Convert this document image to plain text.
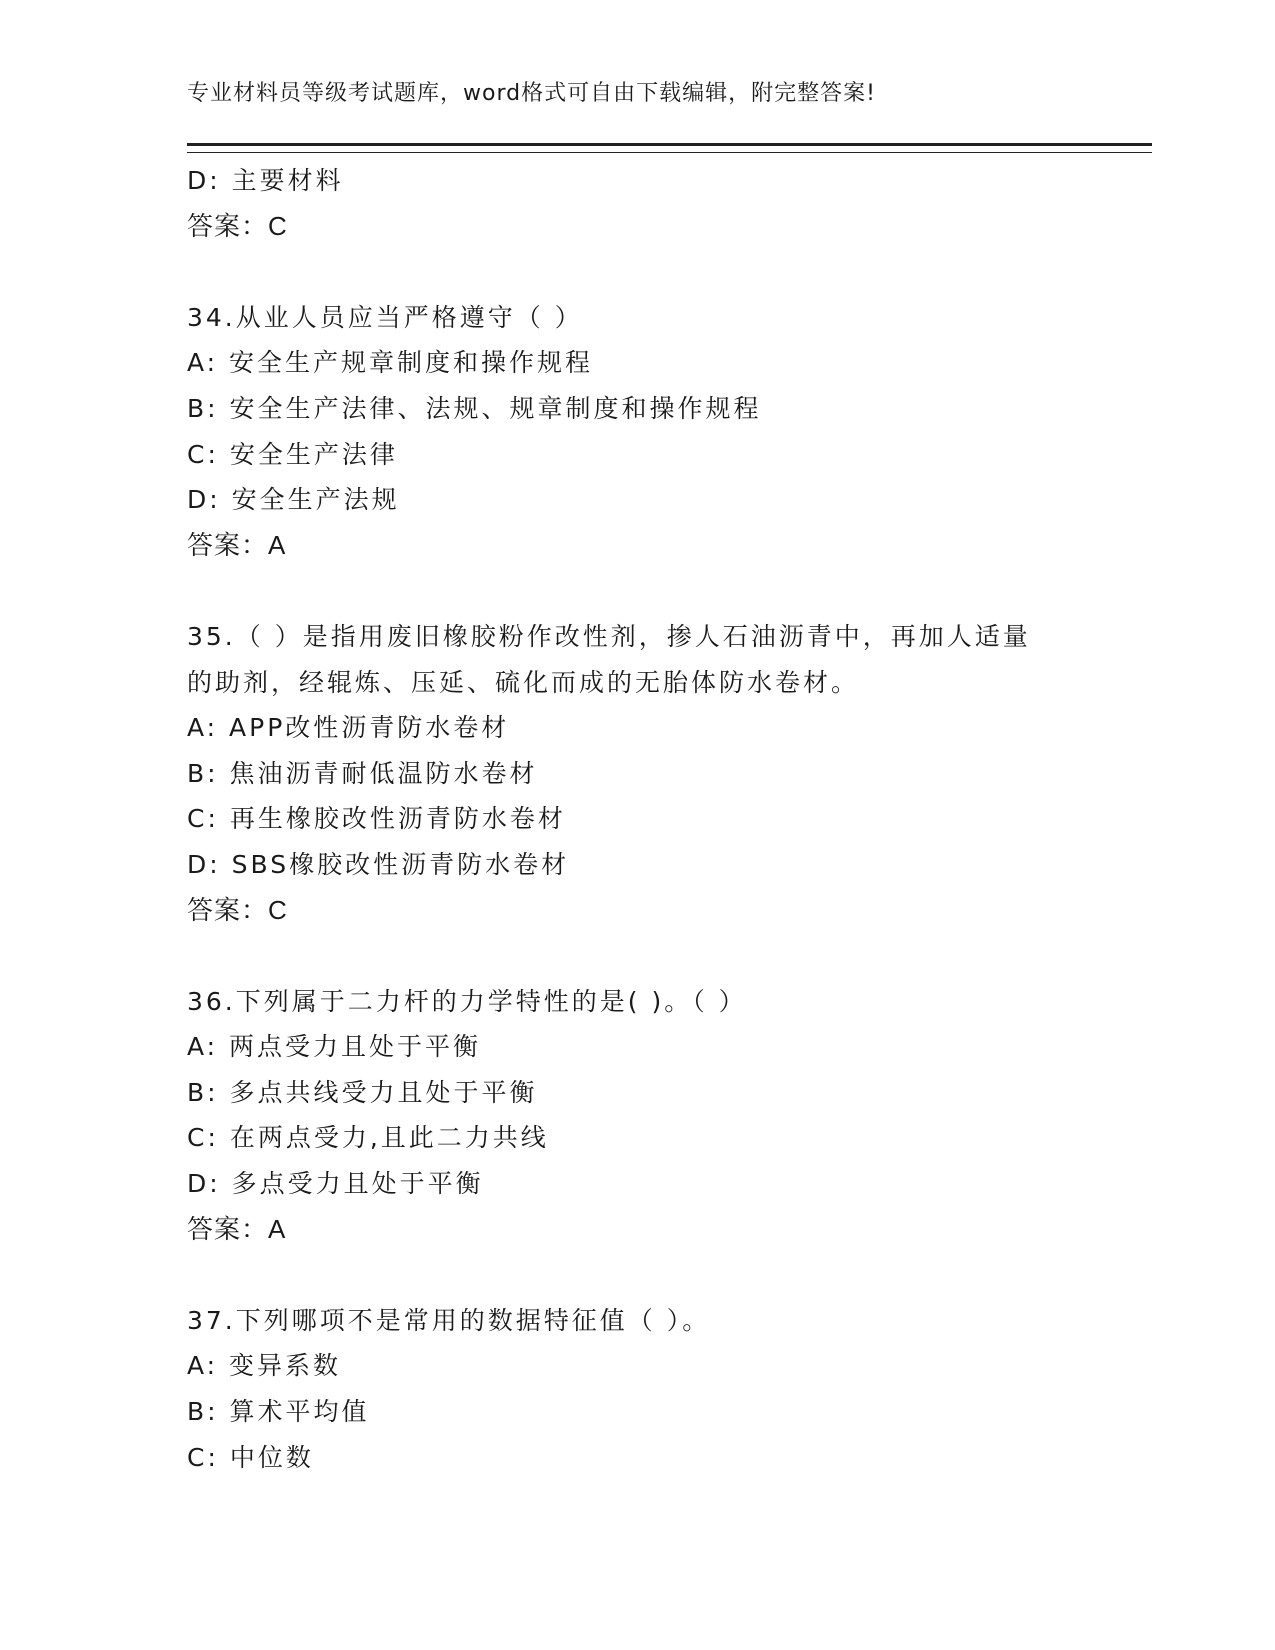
专业材料员等级考试题库，word格式可自由下载编辑，附完整答案!
D: 主要材料
答案：C
34.从业人员应当严格遵守（ ）
A: 安全生产规章制度和操作规程
B: 安全生产法律、法规、规章制度和操作规程
C: 安全生产法律
D: 安全生产法规
答案：A
35.（ ）是指用废旧橡胶粉作改性剂，掺人石油沥青中，再加人适量
的助剂，经辊炼、压延、硫化而成的无胎体防水卷材。
A: APP改性沥青防水卷材
B: 焦油沥青耐低温防水卷材
C: 再生橡胶改性沥青防水卷材
D: SBS橡胶改性沥青防水卷材
答案：C
36.下列属于二力杆的力学特性的是( )。（ ）
A: 两点受力且处于平衡
B: 多点共线受力且处于平衡
C: 在两点受力,且此二力共线
D: 多点受力且处于平衡
答案：A
37.下列哪项不是常用的数据特征值（ ）。
A: 变异系数
B: 算术平均值
C: 中位数
